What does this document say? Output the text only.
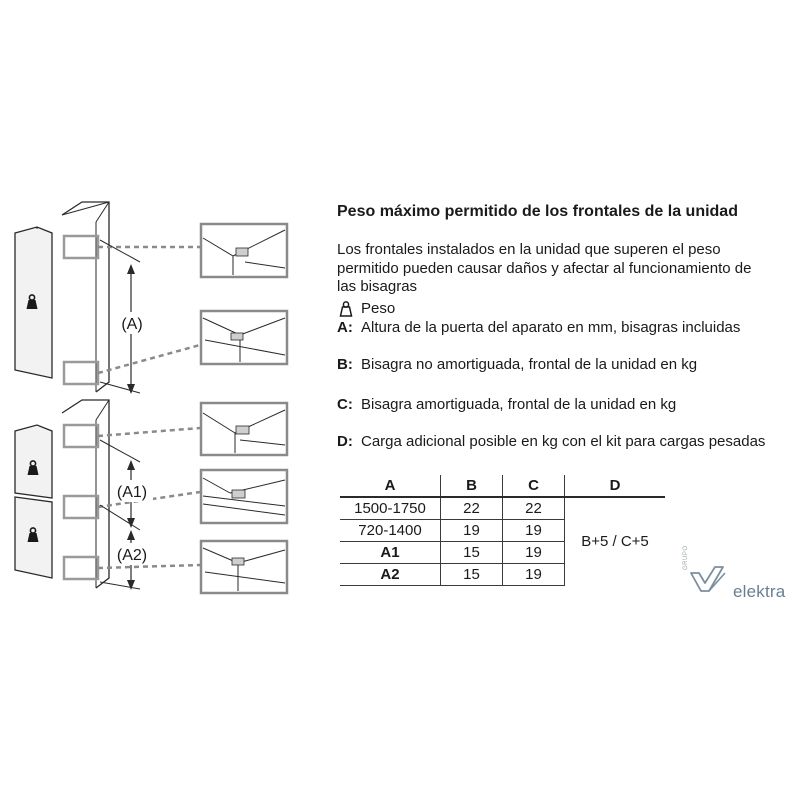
(A)
(A1)
(A2)
Peso máximo permitido de los frontales de la unidad

Los frontales instalados en la unidad que superen el peso permitido pueden causar daños y afectar al funcionamiento de las bisagras

Peso
A: Altura de la puerta del aparato en mm, bisagras incluidas
B: Bisagra no amortiguada, frontal de la unidad en kg
C: Bisagra amortiguada, frontal de la unidad en kg
D: Carga adicional posible en kg con el kit para cargas pesadas
A	B	C	D
1500-1750	22	22	B+5 / C+5
720-1400	19	19	
A1	15	19	
A2	15	19	
GRUPO
elektra
